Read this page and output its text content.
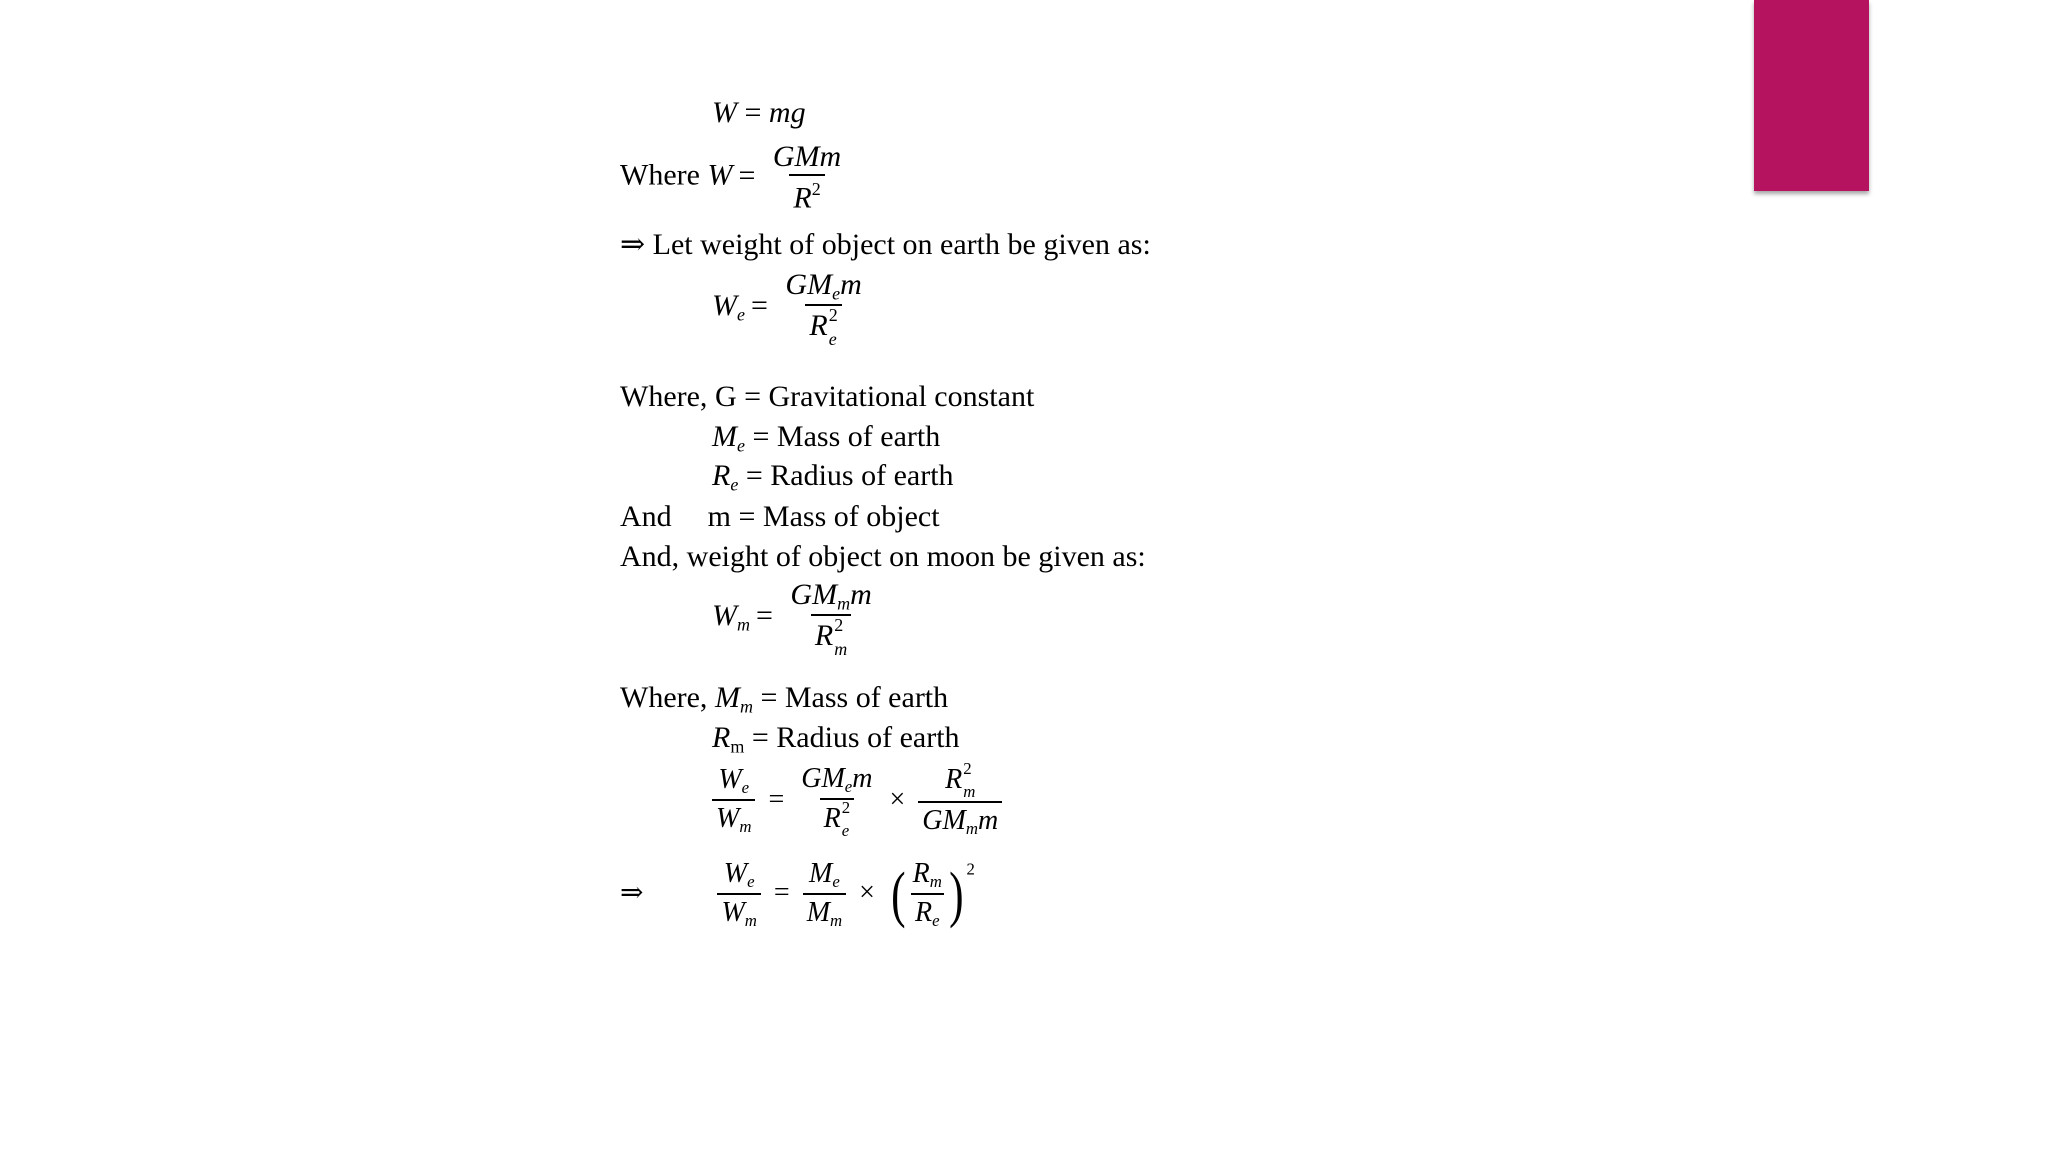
W = mg
Where $W = \frac{\text{GMm}}{R^2}$
⇒ Let weight of object on earth be given as:
$W_e = GM_em$
R 2
e
Where, G = Gravitational constant
$M_e$ = Mass of earth
$R_e$ = Radius of earth
And m = Mass of object
And, weight of object on moon be given as:
$W_m = GM_mm$
R 2
m
Where, $M_m$ = Mass of earth
$R_m$ = Radius of earth
$\frac{W_e}{W_m} = GM_em$
R 2
e × R 2
m
$GM_mm$
⇒	$\frac{W_e}{W_m} = \frac{M_e}{M_m}$ × ( $\frac{R_m}{R_e}$ ) $^2$
